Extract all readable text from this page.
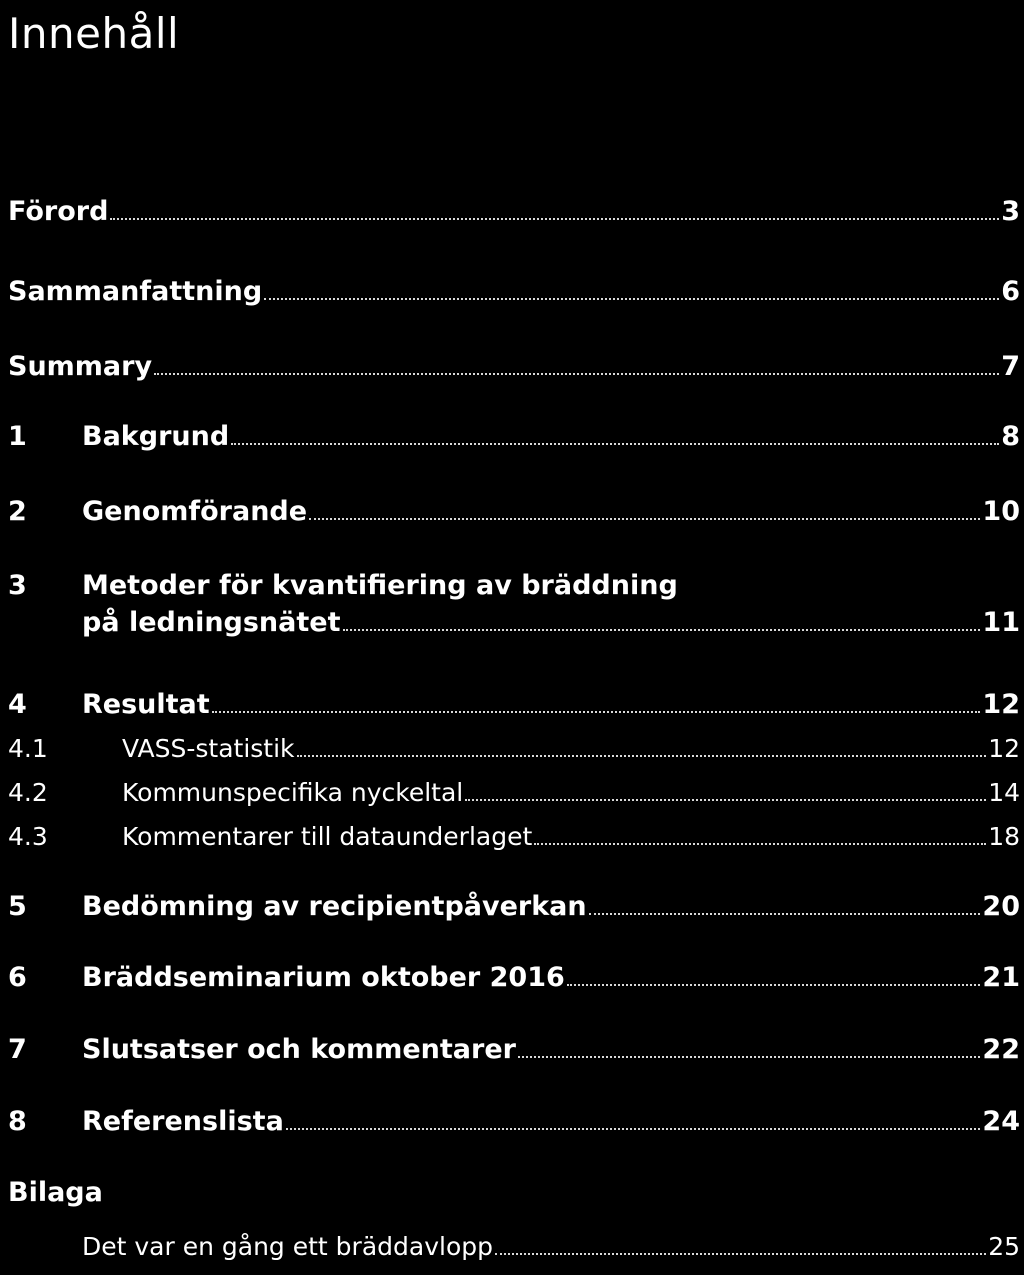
Innehåll
Förord	3
Sammanfattning	6
Summary	7
1	Bakgrund	8
2	Genomförande	10
3	Metoder för kvantifiering av bräddning
på ledningsnätet	11
4	Resultat	12
4.1	VASS-statistik	12
4.2	Kommunspecifika nyckeltal	14
4.3	Kommentarer till dataunderlaget	18
5	Bedömning av recipientpåverkan	20
6	Bräddseminarium oktober 2016	21
7	Slutsatser och kommentarer	22
8	Referenslista	24
Bilaga
Det var en gång ett bräddavlopp	25
